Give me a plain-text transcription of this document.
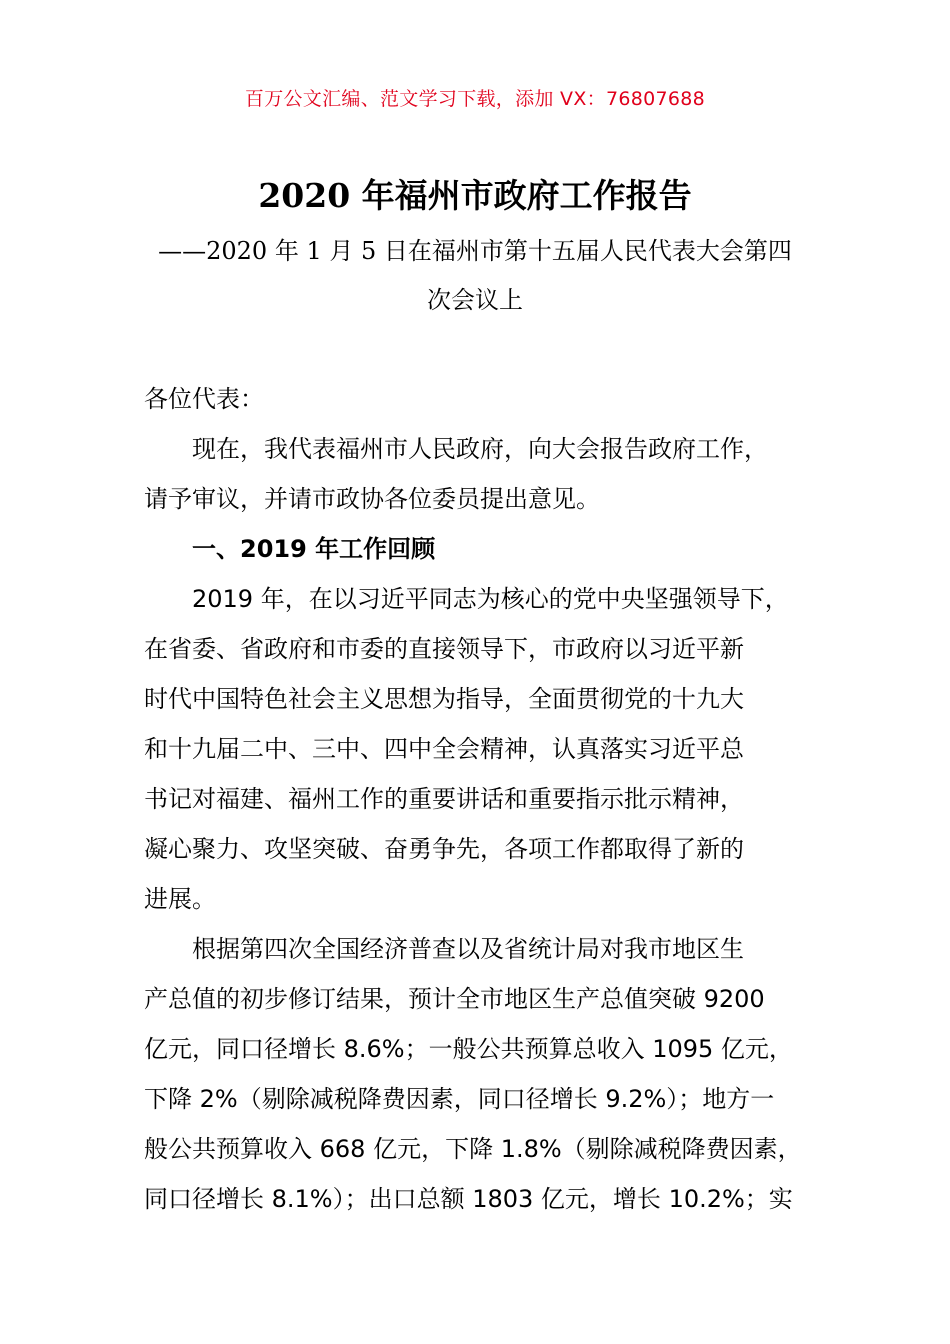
百万公文汇编、范文学习下载，添加 VX：76807688
2020 年福州市政府工作报告
——2020 年 1 月 5 日在福州市第十五届人民代表大会第四
次会议上
各位代表：
现在，我代表福州市人民政府，向大会报告政府工作，
请予审议，并请市政协各位委员提出意见。
一、2019 年工作回顾
2019 年，在以习近平同志为核心的党中央坚强领导下，
在省委、省政府和市委的直接领导下，市政府以习近平新
时代中国特色社会主义思想为指导，全面贯彻党的十九大
和十九届二中、三中、四中全会精神，认真落实习近平总
书记对福建、福州工作的重要讲话和重要指示批示精神，
凝心聚力、攻坚突破、奋勇争先，各项工作都取得了新的
进展。
根据第四次全国经济普查以及省统计局对我市地区生
产总值的初步修订结果，预计全市地区生产总值突破 9200
亿元，同口径增长 8.6%；一般公共预算总收入 1095 亿元，
下降 2%（剔除减税降费因素，同口径增长 9.2%）；地方一
般公共预算收入 668 亿元，下降 1.8%（剔除减税降费因素，
同口径增长 8.1%）；出口总额 1803 亿元，增长 10.2%；实
